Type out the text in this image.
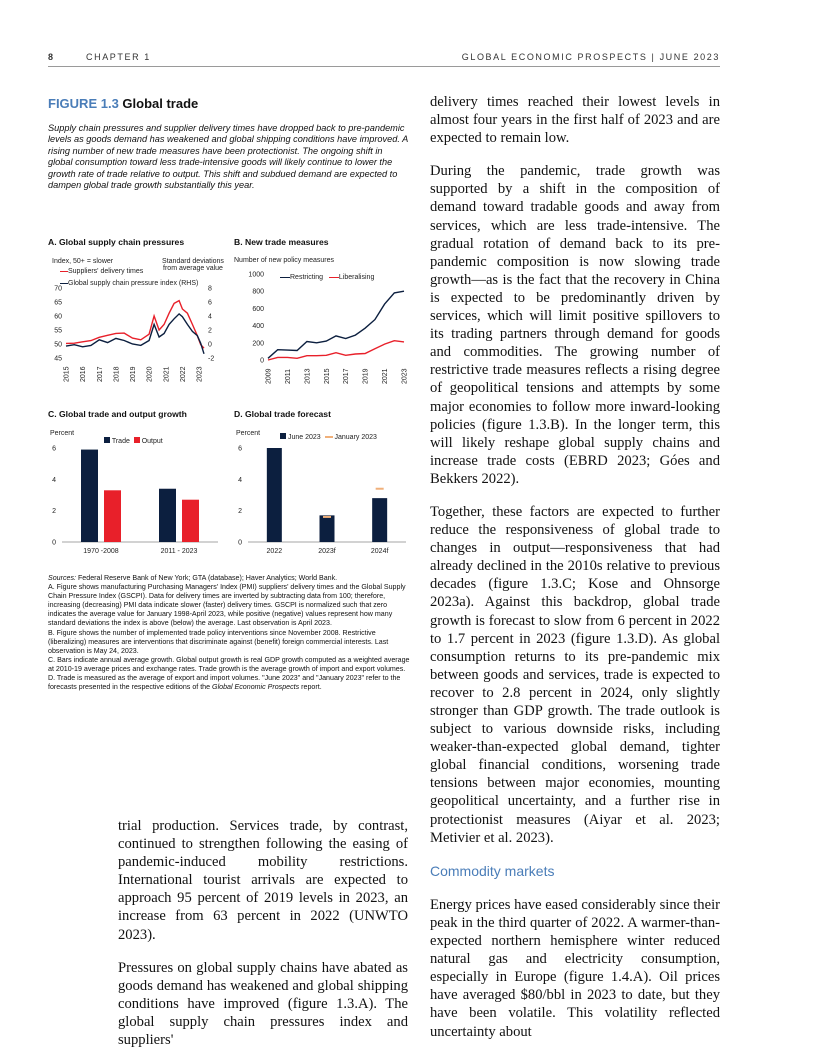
8	CHAPTER 1	GLOBAL ECONOMIC PROSPECTS | JUNE 2023
FIGURE 1.3 Global trade
Supply chain pressures and supplier delivery times have dropped back to pre-pandemic levels as goods demand has weakened and global shipping conditions have improved. A rising number of new trade measures have been protectionist. The ongoing shift in global consumption toward less trade-intensive goods will likely continue to lower the growth rate of trade relative to output. This shift and subdued demand are expected to dampen global trade growth substantially this year.
A. Global supply chain pressures
Index, 50+ = slower	Standard deviations
from average value
Suppliers' delivery times
Global supply chain pressure index (RHS)
45
50
55
60
65
70
-2
0
2
4
6
8
2015 2016 2017 2018 2019 2020 2021 2022 2023
B. New trade measures
Number of new policy measures
Restricting Liberalising
0
200
400
600
800
1000
2009 2011 2013 2015 2017 2019 2021 2023
C. Global trade and output growth
Percent
Trade Output
0
2
4
6
1970 -2008	2011 - 2023
D. Global trade forecast
Percent
June 2023 January 2023
0
2
4
6
2022	2023f	2024f

Sources: Federal Reserve Bank of New York; GTA (database); Haver Analytics; World Bank.

A. Figure shows manufacturing Purchasing Managers' Index (PMI) suppliers' delivery times and the Global Supply Chain Pressure Index (GSCPI). Data for delivery times are inverted by subtracting data from 100; therefore, increasing (decreasing) PMI data indicate slower (faster) delivery times. GSCPI is normalized such that zero indicates the average value for January 1998-April 2023, while positive (negative) values represent how many standard deviations the index is above (below) the average. Last observation is April 2023.

B. Figure shows the number of implemented trade policy interventions since November 2008. Restrictive (liberalizing) measures are interventions that discriminate against (benefit) foreign commercial interests. Last observation is May 24, 2023.

C. Bars indicate annual average growth. Global output growth is real GDP growth computed as a weighted average at 2010-19 average prices and exchange rates. Trade growth is the average growth of import and export volumes.

D. Trade is measured as the average of export and import volumes. "June 2023" and "January 2023" refer to the forecasts presented in the respective editions of the Global Economic Prospects report.

trial production. Services trade, by contrast, continued to strengthen following the easing of pandemic-induced mobility restrictions. International tourist arrivals are expected to approach 95 percent of 2019 levels in 2023, an increase from 63 percent in 2022 (UNWTO 2023).

Pressures on global supply chains have abated as goods demand has weakened and global shipping conditions have improved (figure 1.3.A). The global supply chain pressures index and suppliers'

delivery times reached their lowest levels in almost four years in the first half of 2023 and are expected to remain low.

During the pandemic, trade growth was supported by a shift in the composition of demand toward tradable goods and away from services, which are less trade-intensive. The gradual rotation of demand back to its pre-pandemic composition is now slowing trade growth—as is the fact that the recovery in China is expected to be predominantly driven by services, which will limit positive spillovers to its trading partners through demand for goods and commodities. The growing number of restrictive trade measures reflects a rising degree of geopolitical tensions and attempts by some major economies to follow more inward-looking policies (figure 1.3.B). In the longer term, this will likely reshape global supply chains and increase trade costs (EBRD 2023; Góes and Bekkers 2022).

Together, these factors are expected to further reduce the responsiveness of global trade to changes in output—responsiveness that had already declined in the 2010s relative to previous decades (figure 1.3.C; Kose and Ohnsorge 2023a). Against this backdrop, global trade growth is forecast to slow from 6 percent in 2022 to 1.7 percent in 2023 (figure 1.3.D). As global consumption returns to its pre-pandemic mix between goods and services, trade is expected to recover to 2.8 percent in 2024, only slightly stronger than GDP growth. The trade outlook is subject to various downside risks, including weaker-than-expected global demand, tighter global financial conditions, worsening trade tensions between major economies, mounting geopolitical uncertainty, and a further rise in protectionist measures (Aiyar et al. 2023; Metivier et al. 2023).

Commodity markets

Energy prices have eased considerably since their peak in the third quarter of 2022. A warmer-than-expected northern hemisphere winter reduced natural gas and electricity consumption, especially in Europe (figure 1.4.A). Oil prices have averaged $80/bbl in 2023 to date, but they have been volatile. This volatility reflected uncertainty about
